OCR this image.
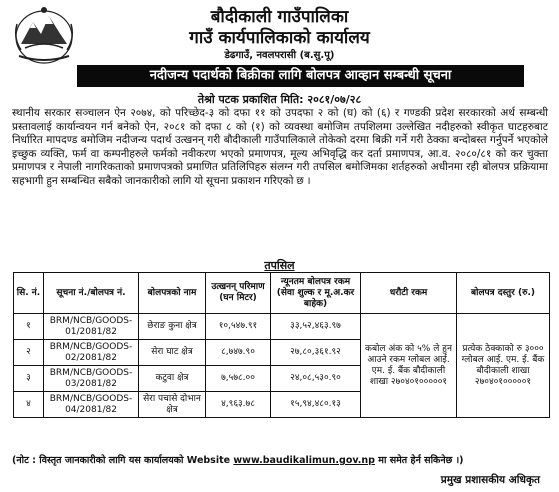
बौदीकाली गाउँपालिका
गाउँ कार्यपालिकाको कार्यालय
डेढगाउँ, नवलपरासी (ब.सु.पू)
नदीजन्य पदार्थको बिक्रीका लागि बोलपत्र आव्हान सम्बन्धी सूचना
तेश्रो पटक प्रकाशित मिति: २०८१/०७/२८

स्थानीय सरकार सञ्चालन ऐन २०७४, को परिच्छेद-३ को दफा ११ को उपदफा २ को (घ) को (६) र गण्डकी प्रदेश सरकारको अर्थ सम्बन्धी प्रस्तावलाई कार्यान्वयन गर्न बनेको ऐन, २०८१ को दफा ८ को (१) को व्यवस्था बमोजिम तपशिलमा उल्लेखित नदीहरुको स्वीकृत घाटहरुबाट निर्धारित मापदण्ड बमोजिम नदीजन्य पदार्थ उत्खनन् गरी बौदीकाली गाउँपालिकाले तोकेको दरमा बिक्री गर्ने गरी ठेक्का बन्दोबस्त गर्नुपर्ने भएकोले इच्छुक व्यक्ति, फर्म वा कम्पनीहरुले फर्मको नवीकरण भएको प्रमाणपत्र, मूल्य अभिवृद्धि कर दर्ता प्रमाणपत्र, आ.व. २०८०/८१ को कर चुक्ता प्रमाणपत्र र नेपाली नागरिकताको प्रमाणपत्रको प्रमाणित प्रतिलिपिहरु संलग्न गरी तपसिल बमोजिमका शर्तहरुको अधीनमा रही बोलपत्र प्रक्रियामा सहभागी हुन सम्बन्धित सबैको जानकारीको लागि यो सूचना प्रकाशन गरिएको छ ।

तपसिल
सि. नं.	सूचना नं./बोलपत्र नं.	बोलपत्रको नाम	उत्खनन् परिमाण (घन मिटर)	न्यूनतम बोलपत्र रकम (सेवा शुल्क र मू.अ.कर बाहेक)	धरौटी रकम	बोलपत्र दस्तुर (रु.)
१	BRM/NCB/GOODS-01/2081/82	छेराङ कुना क्षेत्र	१०,५४७.९१	३३,५२,४६३.९७	कबोल अंक को ५% ले हुन आउने रकम ग्लोबल आई. एम. ई. बैंक बौदीकाली शाखा २७०४०१०००००१	प्रत्येक ठेक्काको रु ३००० ग्लोबल आई. एम. ई. बैंक बौदीकाली शाखा २७०४०१०००००१
२	BRM/NCB/GOODS-02/2081/82	सेरा घाट क्षेत्र	८,७४७.९०	२७,८०,३६१.९२		
३	BRM/NCB/GOODS-03/2081/82	कटुवा क्षेत्र	७,५७८.००	२४,०८,५३०.९०		
४	BRM/NCB/GOODS-04/2081/82	सेरा पचासे दोभान क्षेत्र	४,९६३.७८	१५,९४,४८०.१३		
(नोट : विस्तृत जानकारीको लागि यस कार्यालयको Website www.baudikalimun.gov.np मा समेत हेर्न सकिनेछ ।)
प्रमुख प्रशासकीय अधिकृत
